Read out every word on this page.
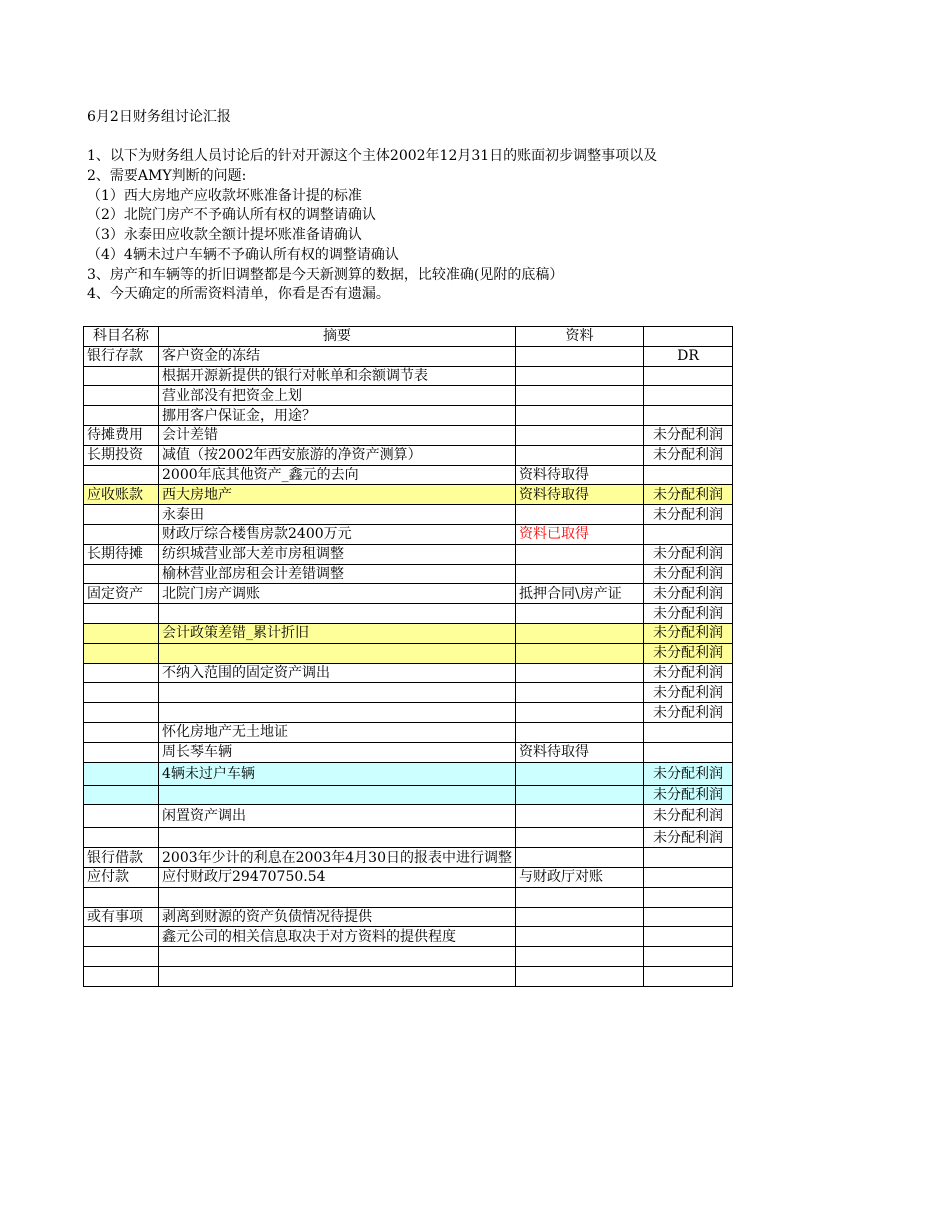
6月2日财务组讨论汇报
1、以下为财务组人员讨论后的针对开源这个主体2002年12月31日的账面初步调整事项以及
2、需要AMY判断的问题:
（1）西大房地产应收款坏账准备计提的标准
（2）北院门房产不予确认所有权的调整请确认
（3）永泰田应收款全额计提坏账准备请确认
（4）4辆未过户车辆不予确认所有权的调整请确认
3、房产和车辆等的折旧调整都是今天新测算的数据，比较准确(见附的底稿）
4、今天确定的所需资料清单，你看是否有遗漏。
科目名称	摘要	资料	
银行存款	客户资金的冻结		DR
	根据开源新提供的银行对帐单和余额调节表		
	营业部没有把资金上划		
	挪用客户保证金，用途？		
待摊费用	会计差错		未分配利润
长期投资	减值（按2002年西安旅游的净资产测算）		未分配利润
	2000年底其他资产_鑫元的去向	资料待取得	
应收账款	西大房地产	资料待取得	未分配利润
	永泰田		未分配利润
	财政厅综合楼售房款2400万元	资料已取得	
长期待摊	纺织城营业部大差市房租调整		未分配利润
	榆林营业部房租会计差错调整		未分配利润
固定资产	北院门房产调账	抵押合同\房产证	未分配利润
			未分配利润
	会计政策差错_累计折旧		未分配利润
			未分配利润
	不纳入范围的固定资产调出		未分配利润
			未分配利润
			未分配利润
	怀化房地产无土地证		
	周长琴车辆	资料待取得	
	4辆未过户车辆		未分配利润
			未分配利润
	闲置资产调出		未分配利润
			未分配利润
银行借款	2003年少计的利息在2003年4月30日的报表中进行调整		
应付款	应付财政厅29470750.54	与财政厅对账	

或有事项	剥离到财源的资产负债情况待提供		
	鑫元公司的相关信息取决于对方资料的提供程度		
